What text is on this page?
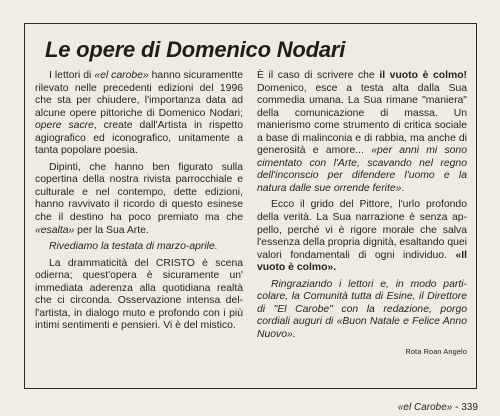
Le opere di Domenico Nodari

I lettori di «el carobe» hanno sicuramentte rilevato nelle precedenti edizioni del 1996 che sta per chiudere, l'importanza data ad alcune opere pittoriche di Domenico Nodari; opere sacre, create dall'Artista in rispetto agiografico ed iconografico, unitamente a tanta popolare poesia.

Dipinti, che hanno ben figurato sulla copertina della nostra rivista parrocchiale e culturale e nel contempo, dette edizioni, hanno ravvivato il ricordo di questo esinese che il destino ha poco premiato ma che «esalta» per la Sua Arte.

Rivediamo la testata di marzo-aprile.

La drammaticità del CRISTO è scena odierna; quest'opera è sicuramente un' immediata aderenza alla quotidiana realtà che ci circonda. Osservazione intensa del l'artista, in dialogo muto e profondo con i più intimi sentimenti e pensieri. Vi è del mistico.

È il caso di scrivere che il vuoto è colmo! Domenico, esce a testa alta dalla Sua commedia umana. La Sua rimane "maniera" della comunicazione di massa. Un manierismo come strumento di critica sociale a base di malinconia e di rabbia, ma anche di generosità e amore... «per anni mi sono cimentato con l'Arte, scavando nel regno dell'inconscio per difendere l'uomo e la natura dalle sue orrende ferite».

Ecco il grido del Pittore, l'urlo profondo della verità. La Sua narrazione è senza appello, perché vi è rigore morale che salva l'essenza della propria dignità, esaltando quei valori fondamentali di ogni individuo. «Il vuoto è colmo».

Ringraziando i lettori e, in modo particolare, la Comunità tutta di Esine, il Direttore di "El Carobe" con la redazione, porgo cordiali auguri di «Buon Natale e Felice Anno Nuovo».

Rota Roan Angelo
«el Carobe» - 339
